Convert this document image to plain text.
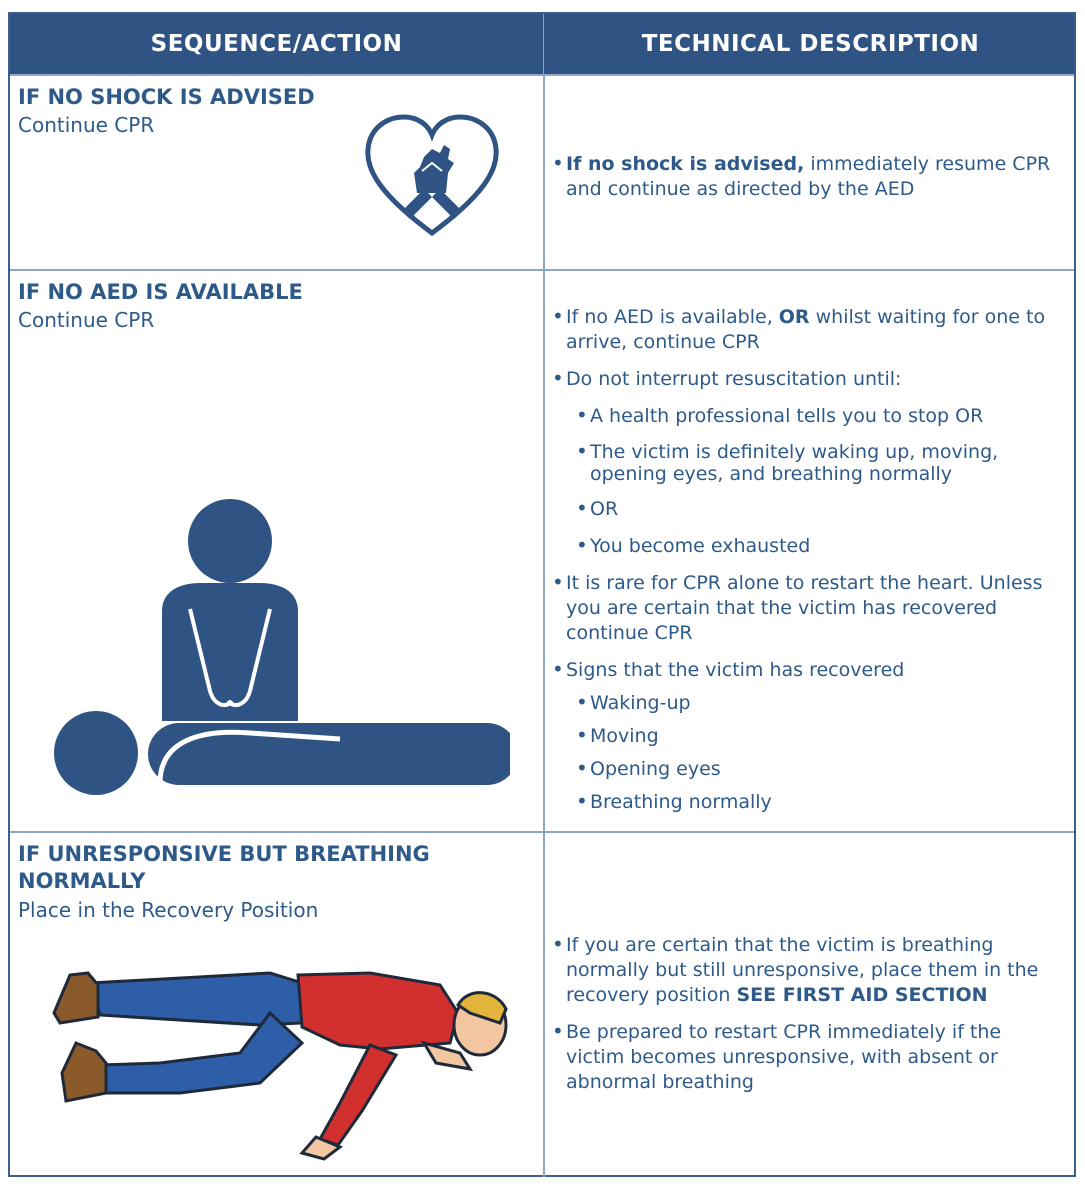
SEQUENCE/ACTION	TECHNICAL DESCRIPTION
IF NO SHOCK IS ADVISED
Continue CPR
• If no shock is advised, immediately resume CPR and continue as directed by the AED
IF NO AED IS AVAILABLE
Continue CPR
•	If no AED is available, OR whilst waiting for one to arrive, continue CPR
• Do not interrupt resuscitation until:
• A health professional tells you to stop OR
• The victim is definitely waking up, moving, opening eyes, and breathing normally
• OR
• You become exhausted
• It is rare for CPR alone to restart the heart. Unless you are certain that the victim has recovered continue CPR
• Signs that the victim has recovered
• Waking-up
• Moving
• Opening eyes
• Breathing normally
IF UNRESPONSIVE BUT BREATHING NORMALLY
Place in the Recovery Position
• If you are certain that the victim is breathing normally but still unresponsive, place them in the recovery position SEE FIRST AID SECTION
• Be prepared to restart CPR immediately if the victim becomes unresponsive, with absent or abnormal breathing
